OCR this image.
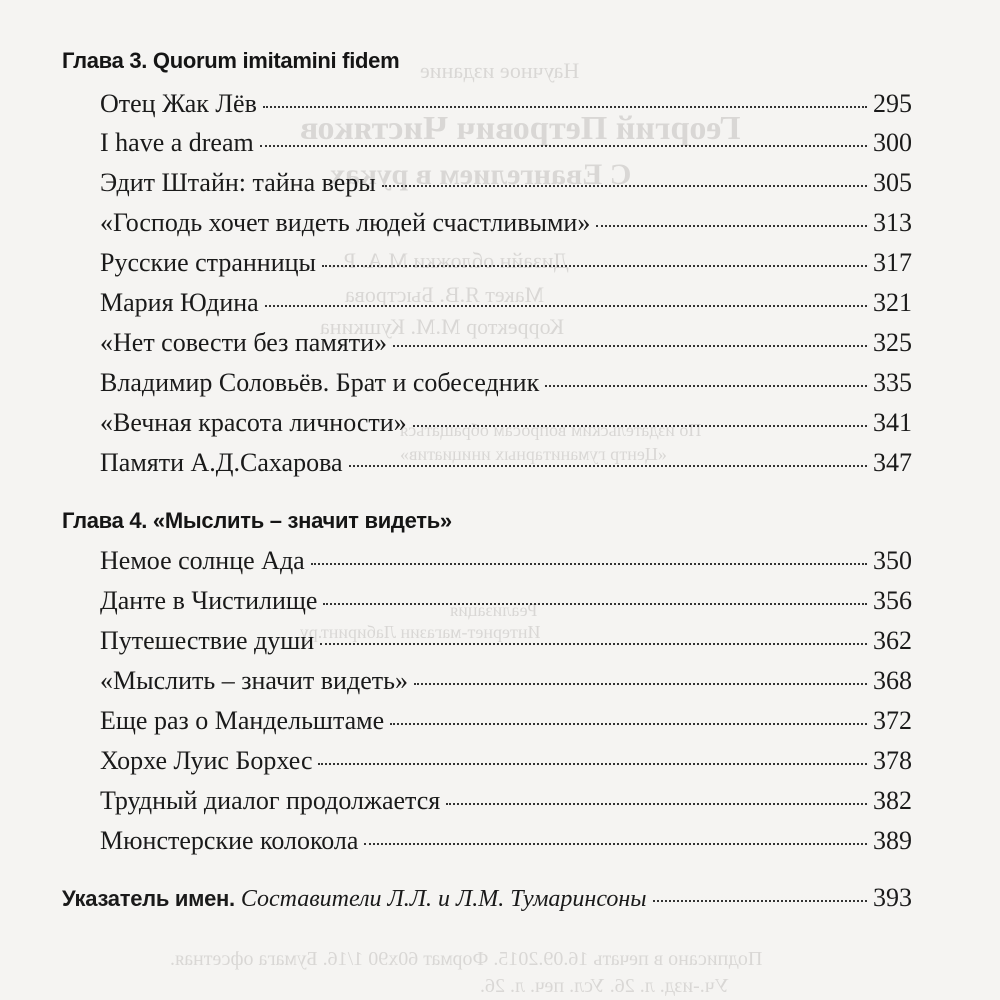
Научное издание
Георгий Петрович Чистяков
С Евангелием в руках
Дизайн обложки М.А. Р...
Макет Я.В. Быстрова
Корректор М.М. Кушкина
По издательским вопросам обращаться
«Центр гуманитарных инициатив»
Реализация
Интернет-магазин Лабиринт.ру
Подписано в печать 16.09.2015. Формат 60х90 1/16. Бумага офсетная.
Уч.-изд. л. 26. Усл. печ. л. 26.
Глава 3. Quorum imitamini fidem
Отец Жак Лёв	295
I have a dream	300
Эдит Штайн: тайна веры	305
«Господь хочет видеть людей счастливыми»	313
Русские странницы	317
Мария Юдина	321
«Нет совести без памяти»	325
Владимир Соловьёв. Брат и собеседник	335
«Вечная красота личности»	341
Памяти А.Д.Сахарова	347
Глава 4. «Мыслить – значит видеть»
Немое солнце Ада	350
Данте в Чистилище	356
Путешествие души	362
«Мыслить – значит видеть»	368
Еще раз о Мандельштаме	372
Хорхе Луис Борхес	378
Трудный диалог продолжается	382
Мюнстерские колокола	389
Указатель имен. Составители Л.Л. и Л.М. Тумаринсоны	393
